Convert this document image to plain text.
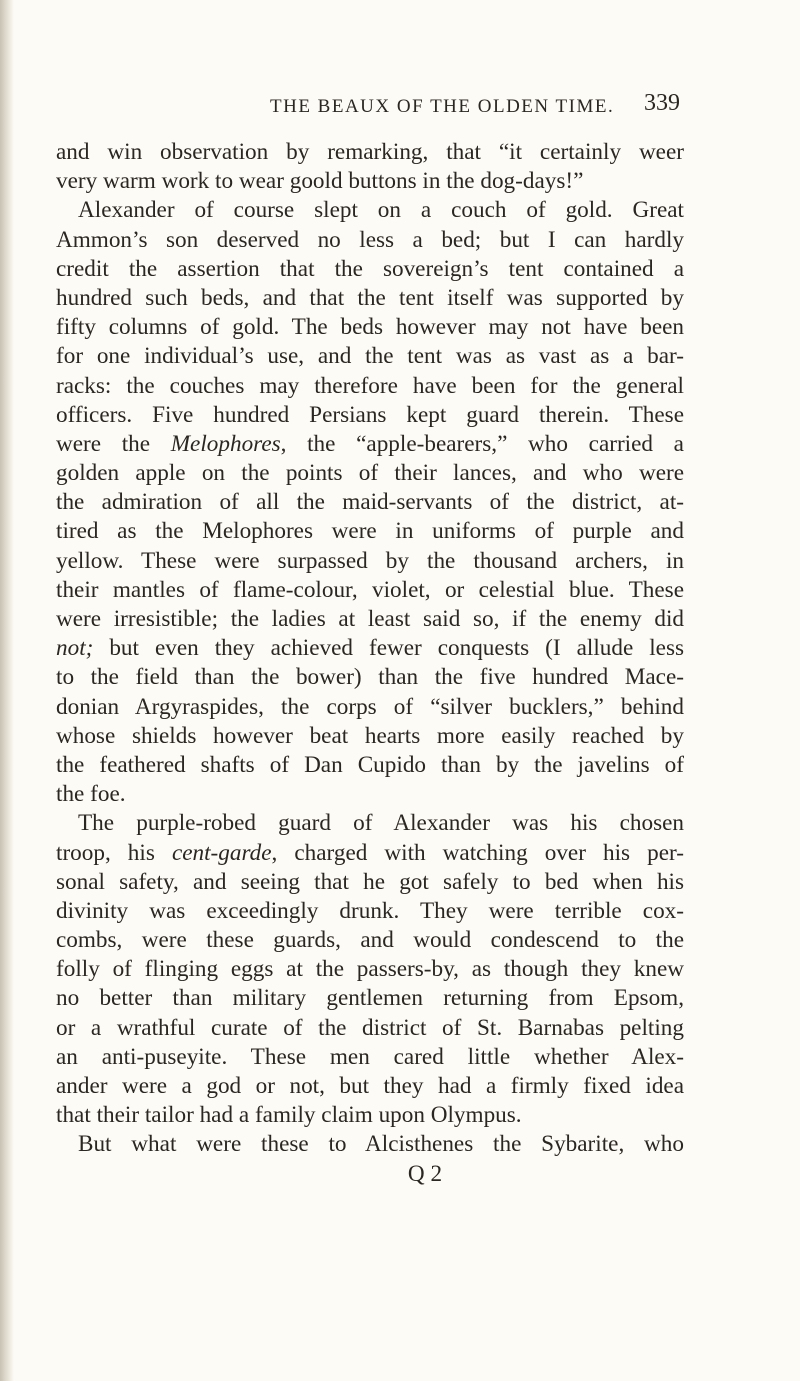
THE BEAUX OF THE OLDEN TIME. 339
and win observation by remarking, that “it certainly weer
very warm work to wear goold buttons in the dog-days!”
Alexander of course slept on a couch of gold. Great
Ammon’s son deserved no less a bed; but I can hardly
credit the assertion that the sovereign’s tent contained a
hundred such beds, and that the tent itself was supported by
fifty columns of gold. The beds however may not have been
for one individual’s use, and the tent was as vast as a bar-
racks: the couches may therefore have been for the general
officers. Five hundred Persians kept guard therein. These
were the Melophores, the “apple-bearers,” who carried a
golden apple on the points of their lances, and who were
the admiration of all the maid-servants of the district, at-
tired as the Melophores were in uniforms of purple and
yellow. These were surpassed by the thousand archers, in
their mantles of flame-colour, violet, or celestial blue. These
were irresistible; the ladies at least said so, if the enemy did
not; but even they achieved fewer conquests (I allude less
to the field than the bower) than the five hundred Mace-
donian Argyraspides, the corps of “silver bucklers,” behind
whose shields however beat hearts more easily reached by
the feathered shafts of Dan Cupido than by the javelins of
the foe.
The purple-robed guard of Alexander was his chosen
troop, his cent-garde, charged with watching over his per-
sonal safety, and seeing that he got safely to bed when his
divinity was exceedingly drunk. They were terrible cox-
combs, were these guards, and would condescend to the
folly of flinging eggs at the passers-by, as though they knew
no better than military gentlemen returning from Epsom,
or a wrathful curate of the district of St. Barnabas pelting
an anti-puseyite. These men cared little whether Alex-
ander were a god or not, but they had a firmly fixed idea
that their tailor had a family claim upon Olympus.
But what were these to Alcisthenes the Sybarite, who
Q 2
